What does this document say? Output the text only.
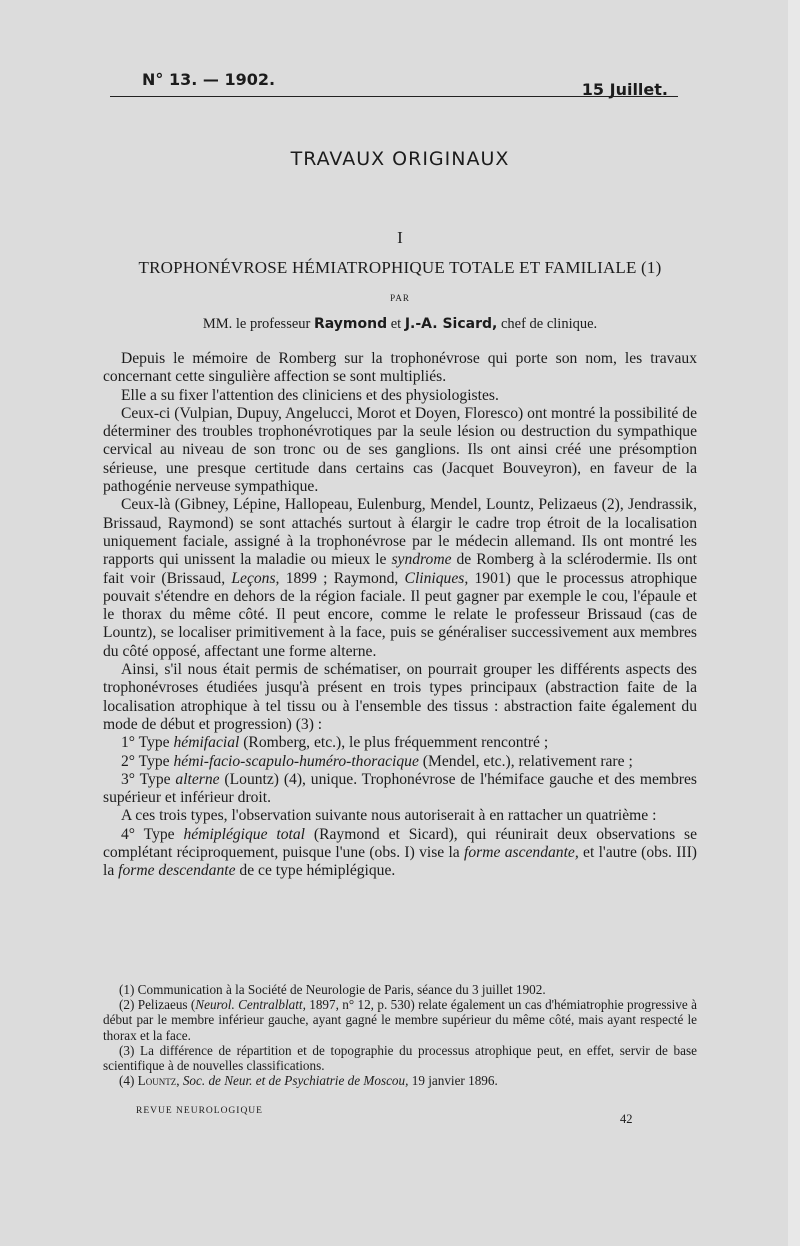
N° 13. — 1902.
15 Juillet.
TRAVAUX ORIGINAUX
I
TROPHONÉVROSE HÉMIATROPHIQUE TOTALE ET FAMILIALE (1)
PAR
MM. le professeur Raymond et J.-A. Sicard, chef de clinique.

Depuis le mémoire de Romberg sur la trophonévrose qui porte son nom, les travaux concernant cette singulière affection se sont multipliés.

Elle a su fixer l'attention des cliniciens et des physiologistes.

Ceux-ci (Vulpian, Dupuy, Angelucci, Morot et Doyen, Floresco) ont montré la possibilité de déterminer des troubles trophonévrotiques par la seule lésion ou destruction du sympathique cervical au niveau de son tronc ou de ses ganglions. Ils ont ainsi créé une présomption sérieuse, une presque certitude dans certains cas (Jacquet Bouveyron), en faveur de la pathogénie nerveuse sympathique.

Ceux-là (Gibney, Lépine, Hallopeau, Eulenburg, Mendel, Lountz, Pelizaeus (2), Jendrassik, Brissaud, Raymond) se sont attachés surtout à élargir le cadre trop étroit de la localisation uniquement faciale, assigné à la trophonévrose par le médecin allemand. Ils ont montré les rapports qui unissent la maladie ou mieux le syndrome de Romberg à la sclérodermie. Ils ont fait voir (Brissaud, Leçons, 1899 ; Raymond, Cliniques, 1901) que le processus atrophique pouvait s'étendre en dehors de la région faciale. Il peut gagner par exemple le cou, l'épaule et le thorax du même côté. Il peut encore, comme le relate le professeur Brissaud (cas de Lountz), se localiser primitivement à la face, puis se généraliser successivement aux membres du côté opposé, affectant une forme alterne.

Ainsi, s'il nous était permis de schématiser, on pourrait grouper les différents aspects des trophonévroses étudiées jusqu'à présent en trois types principaux (abstraction faite de la localisation atrophique à tel tissu ou à l'ensemble des tissus : abstraction faite également du mode de début et progression) (3) :

1° Type hémifacial (Romberg, etc.), le plus fréquemment rencontré ;

2° Type hémi-facio-scapulo-huméro-thoracique (Mendel, etc.), relativement rare ;

3° Type alterne (Lountz) (4), unique. Trophonévrose de l'hémiface gauche et des membres supérieur et inférieur droit.

A ces trois types, l'observation suivante nous autoriserait à en rattacher un quatrième :

4° Type hémiplégique total (Raymond et Sicard), qui réunirait deux observations se complétant réciproquement, puisque l'une (obs. I) vise la forme ascendante, et l'autre (obs. III) la forme descendante de ce type hémiplégique.

(1) Communication à la Société de Neurologie de Paris, séance du 3 juillet 1902.

(2) Pelizaeus (Neurol. Centralblatt, 1897, n° 12, p. 530) relate également un cas d'hémiatrophie progressive à début par le membre inférieur gauche, ayant gagné le membre supérieur du même côté, mais ayant respecté le thorax et la face.

(3) La différence de répartition et de topographie du processus atrophique peut, en effet, servir de base scientifique à de nouvelles classifications.

(4) Lountz, Soc. de Neur. et de Psychiatrie de Moscou, 19 janvier 1896.

REVUE NEUROLOGIQUE
42
